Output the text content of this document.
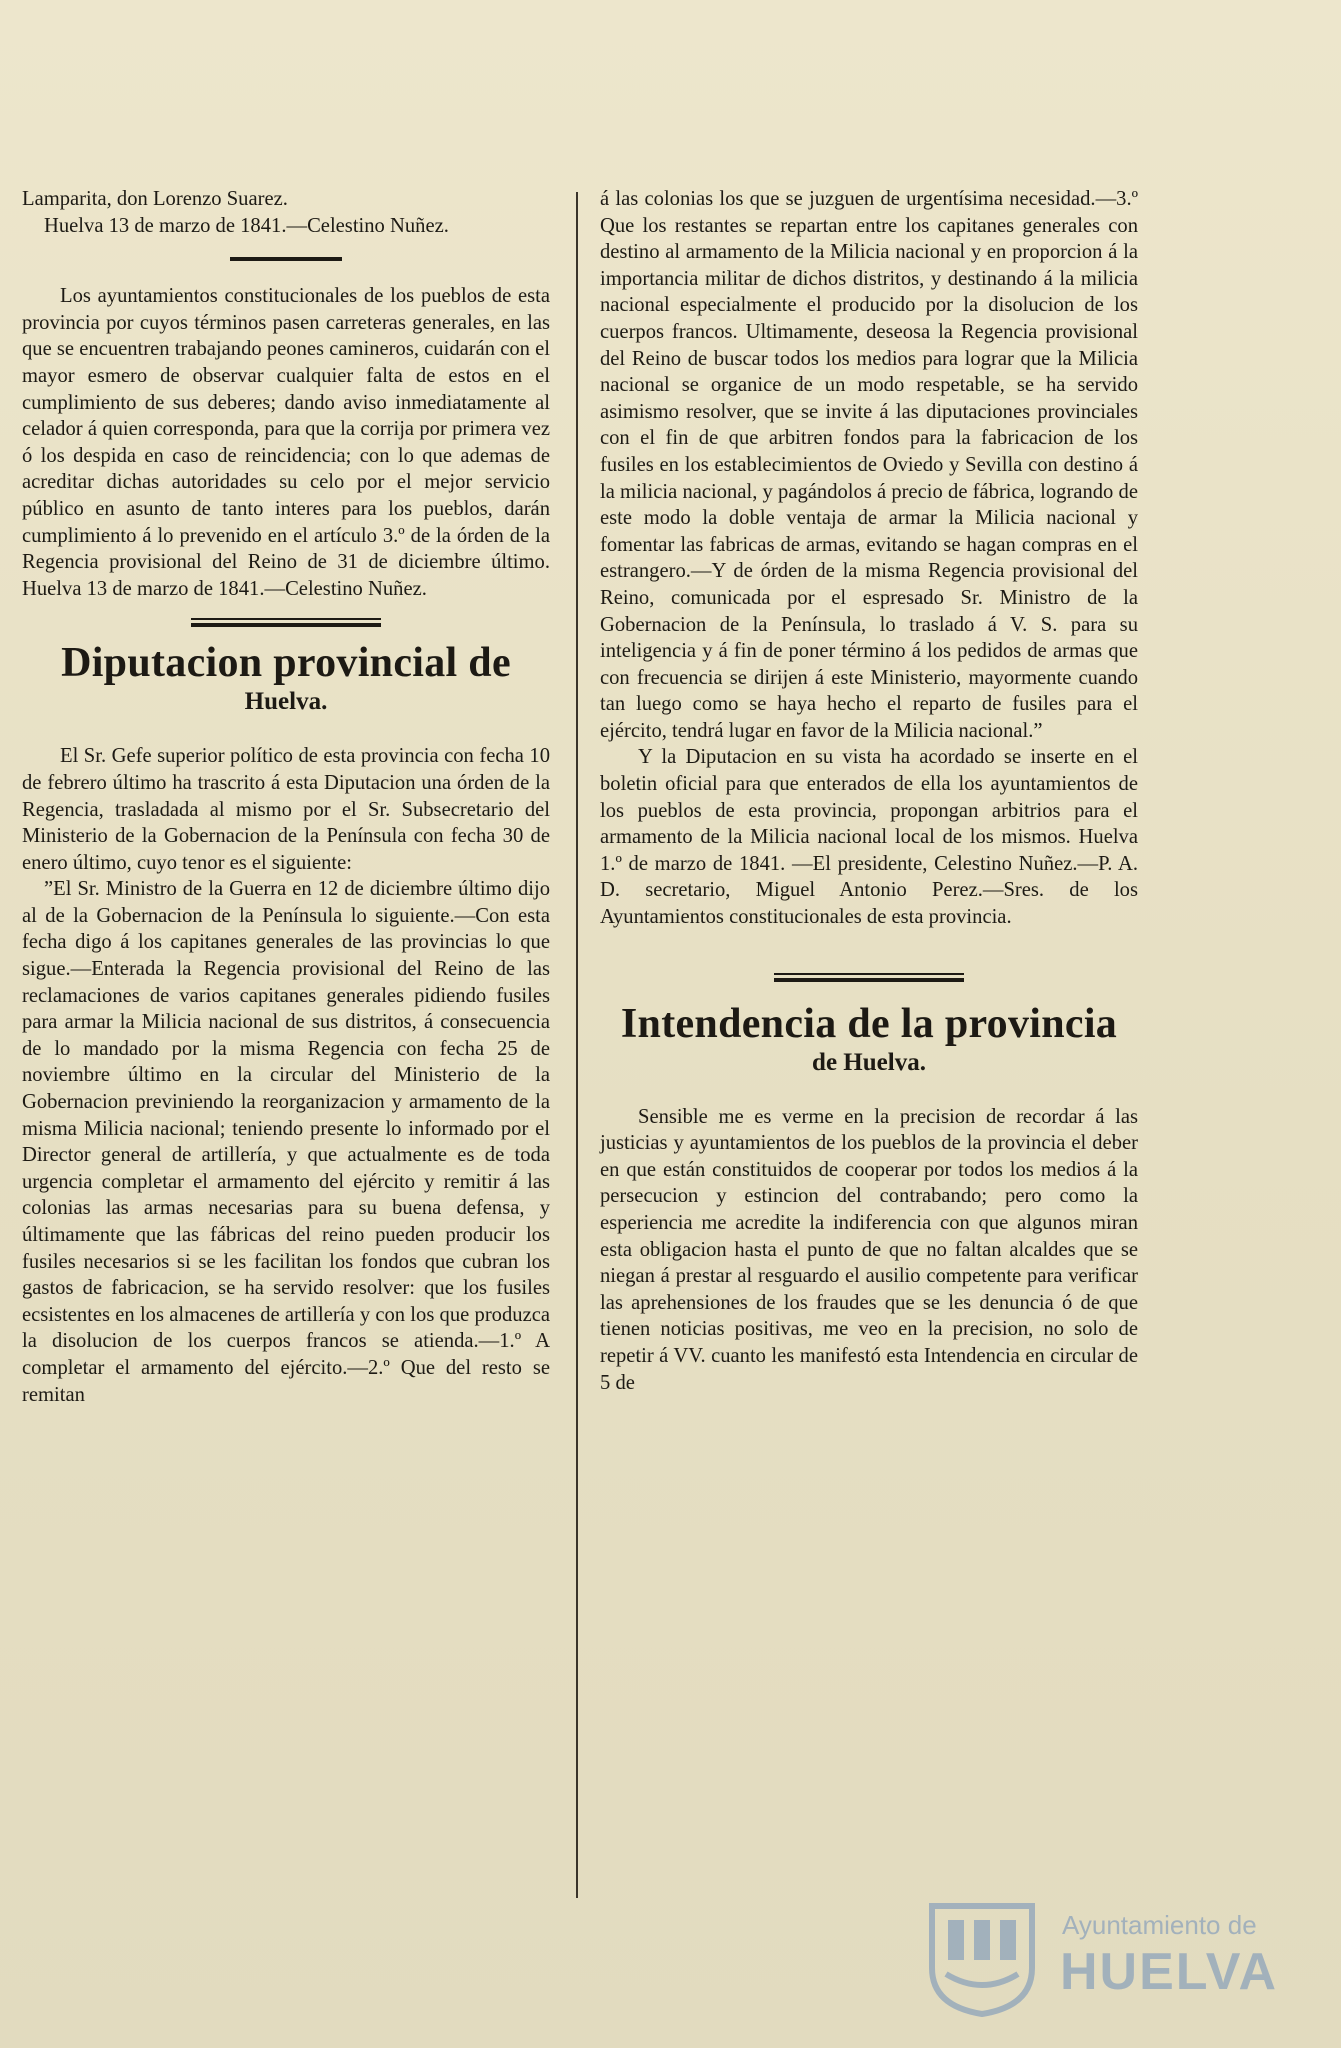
Lamparita, don Lorenzo Suarez.

Huelva 13 de marzo de 1841.—Celestino Nuñez.

Los ayuntamientos constitucionales de los pueblos de esta provincia por cuyos términos pasen carreteras generales, en las que se encuentren trabajando peones camineros, cuidarán con el mayor esmero de observar cualquier falta de estos en el cumplimiento de sus deberes; dando aviso inmediatamente al celador á quien corresponda, para que la corrija por primera vez ó los despida en caso de reincidencia; con lo que ademas de acreditar dichas autoridades su celo por el mejor servicio público en asunto de tanto interes para los pueblos, darán cumplimiento á lo prevenido en el artículo 3.º de la órden de la Regencia provisional del Reino de 31 de diciembre último. Huelva 13 de marzo de 1841.—Celestino Nuñez.

Diputacion provincial de
Huelva.

El Sr. Gefe superior político de esta provincia con fecha 10 de febrero último ha trascrito á esta Diputacion una órden de la Regencia, trasladada al mismo por el Sr. Subsecretario del Ministerio de la Gobernacion de la Península con fecha 30 de enero último, cuyo tenor es el siguiente:

”El Sr. Ministro de la Guerra en 12 de diciembre último dijo al de la Gobernacion de la Península lo siguiente.—Con esta fecha digo á los capitanes generales de las provincias lo que sigue.—Enterada la Regencia provisional del Reino de las reclamaciones de varios capitanes generales pidiendo fusiles para armar la Milicia nacional de sus distritos, á consecuencia de lo mandado por la misma Regencia con fecha 25 de noviembre último en la circular del Ministerio de la Gobernacion previniendo la reorganizacion y armamento de la misma Milicia nacional; teniendo presente lo informado por el Director general de artillería, y que actualmente es de toda urgencia completar el armamento del ejército y remitir á las colonias las armas necesarias para su buena defensa, y últimamente que las fábricas del reino pueden producir los fusiles necesarios si se les facilitan los fondos que cubran los gastos de fabricacion, se ha servido resolver: que los fusiles ecsistentes en los almacenes de artillería y con los que produzca la disolucion de los cuerpos francos se atienda.—1.º A completar el armamento del ejército.—2.º Que del resto se remitan

á las colonias los que se juzguen de urgentísima necesidad.—3.º Que los restantes se repartan entre los capitanes generales con destino al armamento de la Milicia nacional y en proporcion á la importancia militar de dichos distritos, y destinando á la milicia nacional especialmente el producido por la disolucion de los cuerpos francos. Ultimamente, deseosa la Regencia provisional del Reino de buscar todos los medios para lograr que la Milicia nacional se organice de un modo respetable, se ha servido asimismo resolver, que se invite á las diputaciones provinciales con el fin de que arbitren fondos para la fabricacion de los fusiles en los establecimientos de Oviedo y Sevilla con destino á la milicia nacional, y pagándolos á precio de fábrica, logrando de este modo la doble ventaja de armar la Milicia nacional y fomentar las fabricas de armas, evitando se hagan compras en el estrangero.—Y de órden de la misma Regencia provisional del Reino, comunicada por el espresado Sr. Ministro de la Gobernacion de la Península, lo traslado á V. S. para su inteligencia y á fin de poner término á los pedidos de armas que con frecuencia se dirijen á este Ministerio, mayormente cuando tan luego como se haya hecho el reparto de fusiles para el ejército, tendrá lugar en favor de la Milicia nacional.”

Y la Diputacion en su vista ha acordado se inserte en el boletin oficial para que enterados de ella los ayuntamientos de los pueblos de esta provincia, propongan arbitrios para el armamento de la Milicia nacional local de los mismos. Huelva 1.º de marzo de 1841. —El presidente, Celestino Nuñez.—P. A. D. secretario, Miguel Antonio Perez.—Sres. de los Ayuntamientos constitucionales de esta provincia.

Intendencia de la provincia
de Huelva.

Sensible me es verme en la precision de recordar á las justicias y ayuntamientos de los pueblos de la provincia el deber en que están constituidos de cooperar por todos los medios á la persecucion y estincion del contrabando; pero como la esperiencia me acredite la indiferencia con que algunos miran esta obligacion hasta el punto de que no faltan alcaldes que se niegan á prestar al resguardo el ausilio competente para verificar las aprehensiones de los fraudes que se les denuncia ó de que tienen noticias positivas, me veo en la precision, no solo de repetir á VV. cuanto les manifestó esta Intendencia en circular de 5 de

Ayuntamiento de
HUELVA
